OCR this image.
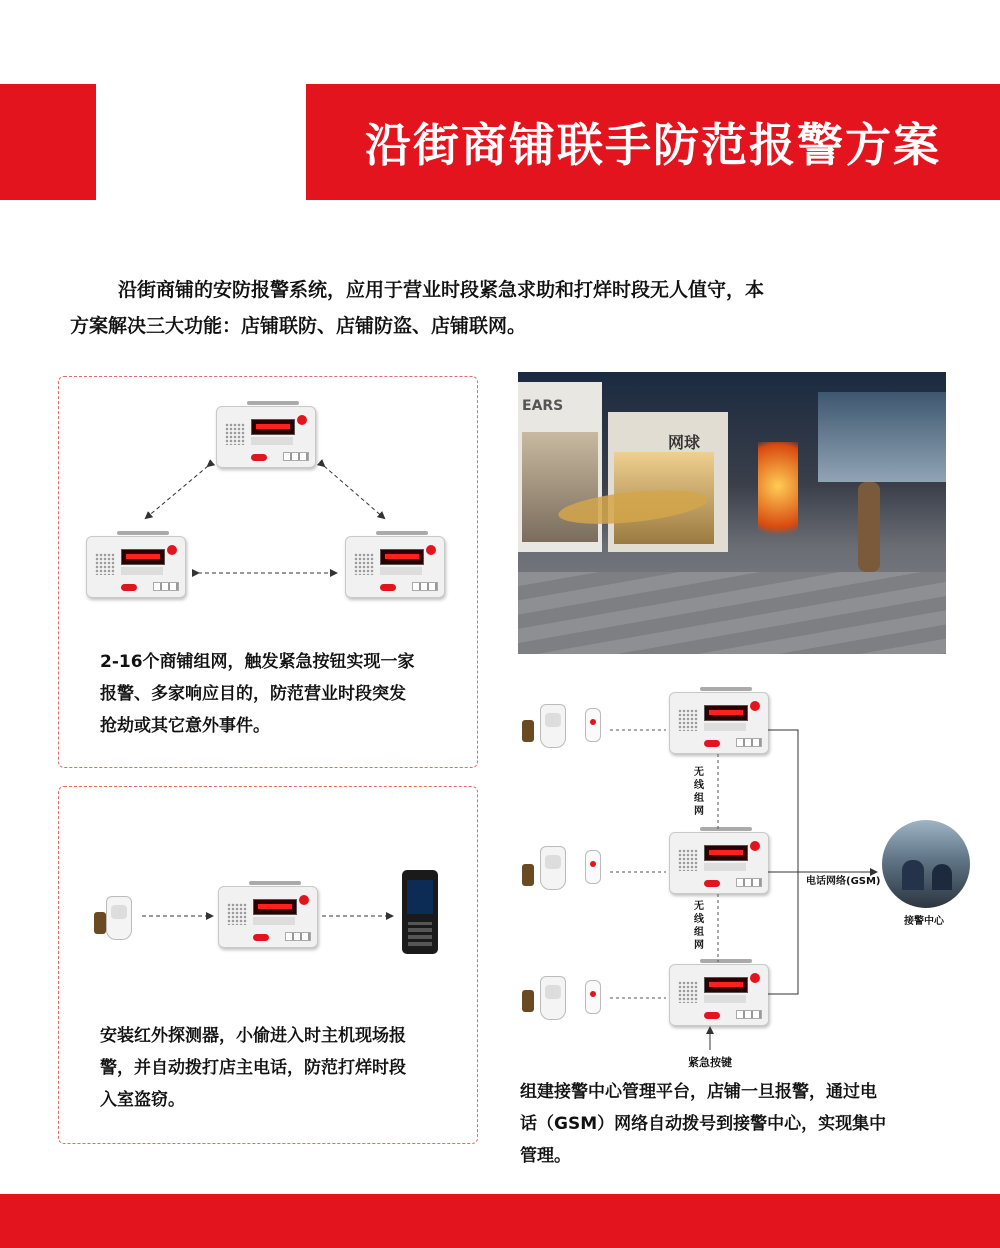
沿街商铺联手防范报警方案
沿街商铺的安防报警系统，应用于营业时段紧急求助和打烊时段无人值守，本
方案解决三大功能：店铺联防、店铺防盗、店铺联网。
2-16个商铺组网，触发紧急按钮实现一家
报警、多家响应目的，防范营业时段突发
抢劫或其它意外事件。
安装红外探测器，小偷进入时主机现场报
警，并自动拨打店主电话，防范打烊时段
入室盗窃。
EARS
网球
无线组网
无线组网
电话网络(GSM)
接警中心
紧急按键
组建接警中心管理平台，店铺一旦报警，通过电
话（GSM）网络自动拨号到接警中心，实现集中
管理。
